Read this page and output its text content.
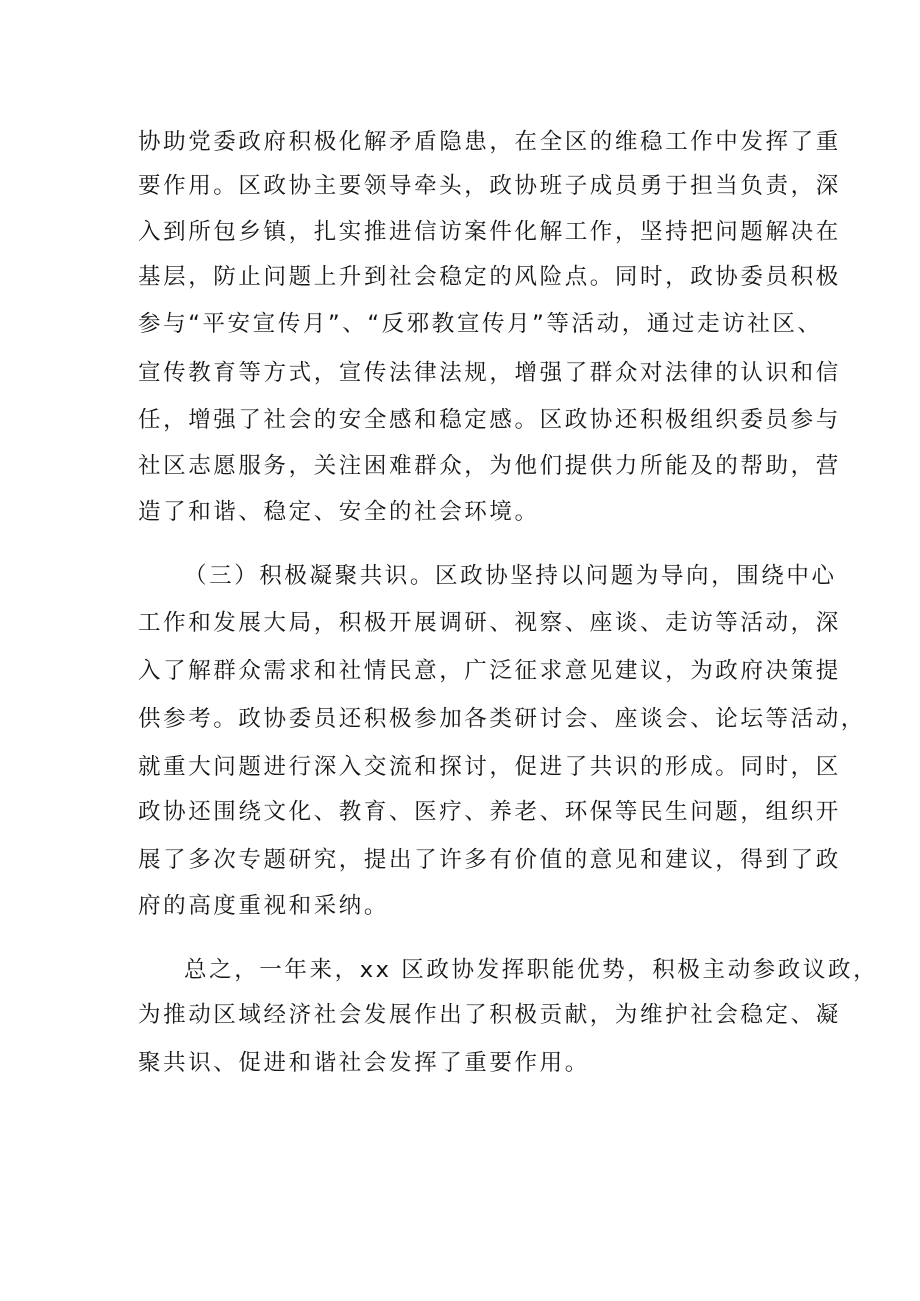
协助党委政府积极化解矛盾隐患，在全区的维稳工作中发挥了重
要作用。区政协主要领导牵头，政协班子成员勇于担当负责，深
入到所包乡镇，扎实推进信访案件化解工作，坚持把问题解决在
基层，防止问题上升到社会稳定的风险点。同时，政协委员积极
参与“平安宣传月”、“反邪教宣传月”等活动，通过走访社区、
宣传教育等方式，宣传法律法规，增强了群众对法律的认识和信
任，增强了社会的安全感和稳定感。区政协还积极组织委员参与
社区志愿服务，关注困难群众，为他们提供力所能及的帮助，营
造了和谐、稳定、安全的社会环境。
（三）积极凝聚共识。区政协坚持以问题为导向，围绕中心
工作和发展大局，积极开展调研、视察、座谈、走访等活动，深
入了解群众需求和社情民意，广泛征求意见建议，为政府决策提
供参考。政协委员还积极参加各类研讨会、座谈会、论坛等活动，
就重大问题进行深入交流和探讨，促进了共识的形成。同时，区
政协还围绕文化、教育、医疗、养老、环保等民生问题，组织开
展了多次专题研究，提出了许多有价值的意见和建议，得到了政
府的高度重视和采纳。
总之，一年来，xx 区政协发挥职能优势，积极主动参政议政，
为推动区域经济社会发展作出了积极贡献，为维护社会稳定、凝
聚共识、促进和谐社会发挥了重要作用。
